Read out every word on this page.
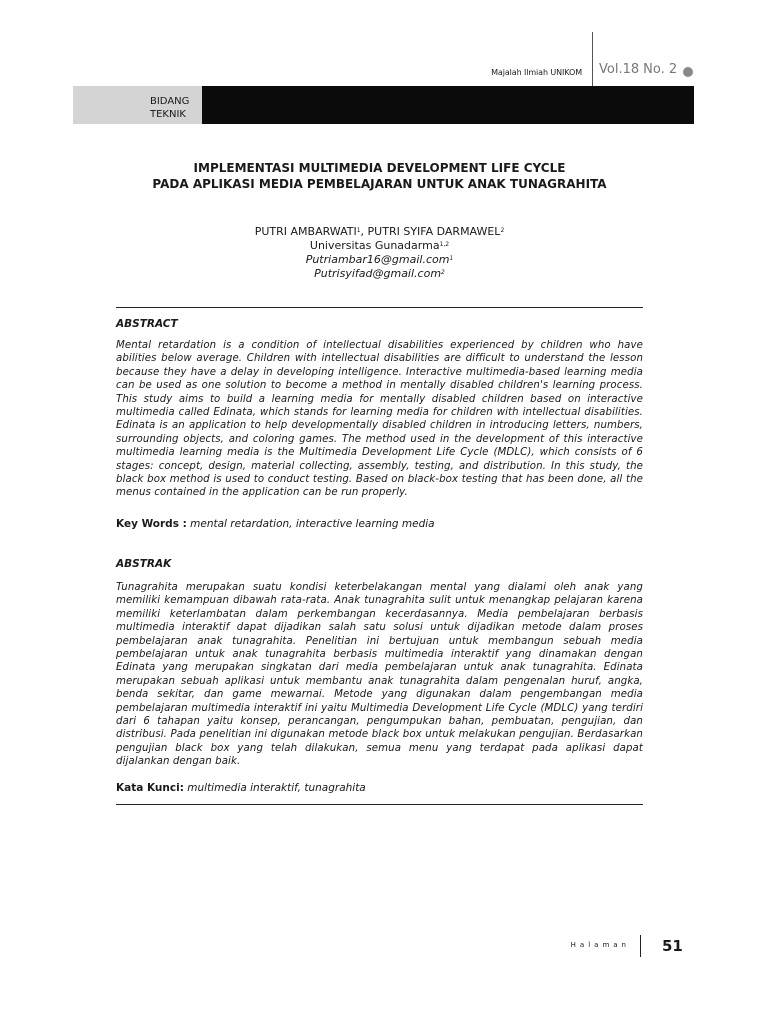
Majalah Ilmiah UNIKOM Vol.18 No. 2
BIDANG
TEKNIK
IMPLEMENTASI MULTIMEDIA DEVELOPMENT LIFE CYCLE
PADA APLIKASI MEDIA PEMBELAJARAN UNTUK ANAK TUNAGRAHITA
PUTRI AMBARWATI$^1$, PUTRI SYIFA DARMAWEL$^2$
Universitas Gunadarma$^{1,2}$
Putriambar16@gmail.com$^1$
Putrisyifad@gmail.com$^2$
ABSTRACT
Mental retardation is a condition of intellectual disabilities experienced by children who have abilities below average. Children with intellectual disabilities are difficult to understand the lesson because they have a delay in developing intelligence. Interactive multimedia-based learning media can be used as one solution to become a method in mentally disabled children's learning process. This study aims to build a learning media for mentally disabled children based on interactive multimedia called Edinata, which stands for learning media for children with intellectual disabilities. Edinata is an application to help developmentally disabled children in introducing letters, numbers, surrounding objects, and coloring games. The method used in the development of this interactive multimedia learning media is the Multimedia Development Life Cycle (MDLC), which consists of 6 stages: concept, design, material collecting, assembly, testing, and distribution. In this study, the black box method is used to conduct testing. Based on black-box testing that has been done, all the menus contained in the application can be run properly.
Key Words : mental retardation, interactive learning media
ABSTRAK
Tunagrahita merupakan suatu kondisi keterbelakangan mental yang dialami oleh anak yang memiliki kemampuan dibawah rata-rata. Anak tunagrahita sulit untuk menangkap pelajaran karena memiliki keterlambatan dalam perkembangan kecerdasannya. Media pembelajaran berbasis multimedia interaktif dapat dijadikan salah satu solusi untuk dijadikan metode dalam proses pembelajaran anak tunagrahita. Penelitian ini bertujuan untuk membangun sebuah media pembelajaran untuk anak tunagrahita berbasis multimedia interaktif yang dinamakan dengan Edinata yang merupakan singkatan dari media pembelajaran untuk anak tunagrahita. Edinata merupakan sebuah aplikasi untuk membantu anak tunagrahita dalam pengenalan huruf, angka, benda sekitar, dan game mewarnai. Metode yang digunakan dalam pengembangan media pembelajaran multimedia interaktif ini yaitu Multimedia Development Life Cycle (MDLC) yang terdiri dari 6 tahapan yaitu konsep, perancangan, pengumpukan bahan, pembuatan, pengujian, dan distribusi. Pada penelitian ini digunakan metode black box untuk melakukan pengujian. Berdasarkan pengujian black box yang telah dilakukan, semua menu yang terdapat pada aplikasi dapat dijalankan dengan baik.
Kata Kunci: multimedia interaktif, tunagrahita
Halaman 51
